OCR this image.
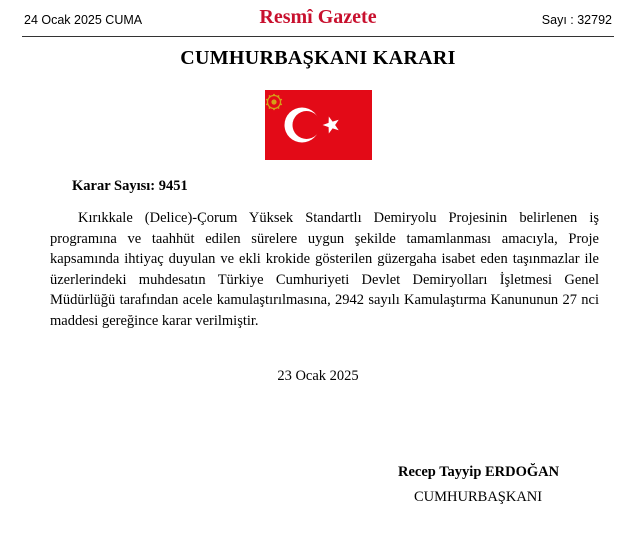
24 Ocak 2025 CUMA	Resmî Gazete	Sayı : 32792
CUMHURBAŞKANI KARARI
Karar Sayısı: 9451
Kırıkkale (Delice)-Çorum Yüksek Standartlı Demiryolu Projesinin belirlenen iş programına ve taahhüt edilen sürelere uygun şekilde tamamlanması amacıyla, Proje kapsamında ihtiyaç duyulan ve ekli krokide gösterilen güzergaha isabet eden taşınmazlar ile üzerlerindeki muhdesatın Türkiye Cumhuriyeti Devlet Demiryolları İşletmesi Genel Müdürlüğü tarafından acele kamulaştırılmasına, 2942 sayılı Kamulaştırma Kanununun 27 nci maddesi gereğince karar verilmiştir.
23 Ocak 2025
Recep Tayyip ERDOĞAN
CUMHURBAŞKANI
